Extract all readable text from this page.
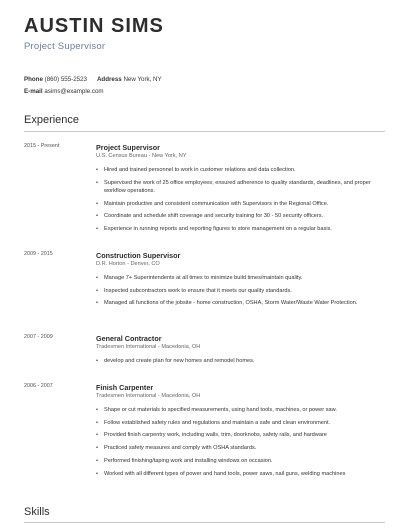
AUSTIN SIMS
Project Supervisor
Phone (860) 555-2523 Address New York, NY
E-mail asims@example.com
Experience
2015 - Present	Project Supervisor
U.S. Census Bureau - New York, NY
• Hired and trained personnel to work in customer relations and data collection.
• Supervised the work of 25 office employees; ensured adherence to quality standards, deadlines, and proper workflow operations.
• Maintain productive and consistent communication with Supervisors in the Regional Office.
• Coordinate and schedule shift coverage and security training for 30 - 50 security officers.
• Experience in running reports and reporting figures to store management on a regular basis.
2009 - 2015	Construction Supervisor
D.R. Horton - Denver, CO
• Manage 7+ Superintendents at all times to minimize build times/maintain quality.
• Inspected subcontractors work to ensure that it meets our quality standards.
• Managed all functions of the jobsite - home construction, OSHA, Storm Water/Waste Water Protection.
2007 - 2009	General Contractor
Tradesmen International - Macedonia, OH
• develop and create plan for new homes and remodel homes.
2006 - 2007	Finish Carpenter
Tradesmen International - Macedonia, OH
• Shape or cut materials to specified measurements, using hand tools, machines, or power saw.
• Follow established safety rules and regulations and maintain a safe and clean environment.
• Provided finish carpentry work, including walls, trim, doorknobs, safety rails, and hardware
• Practiced safety measures and comply with OSHA standards.
• Performed finishing/taping work and installing windows on occasion.
• Worked with all different types of power and hand tools, power saws, nail guns, welding machines
Skills
